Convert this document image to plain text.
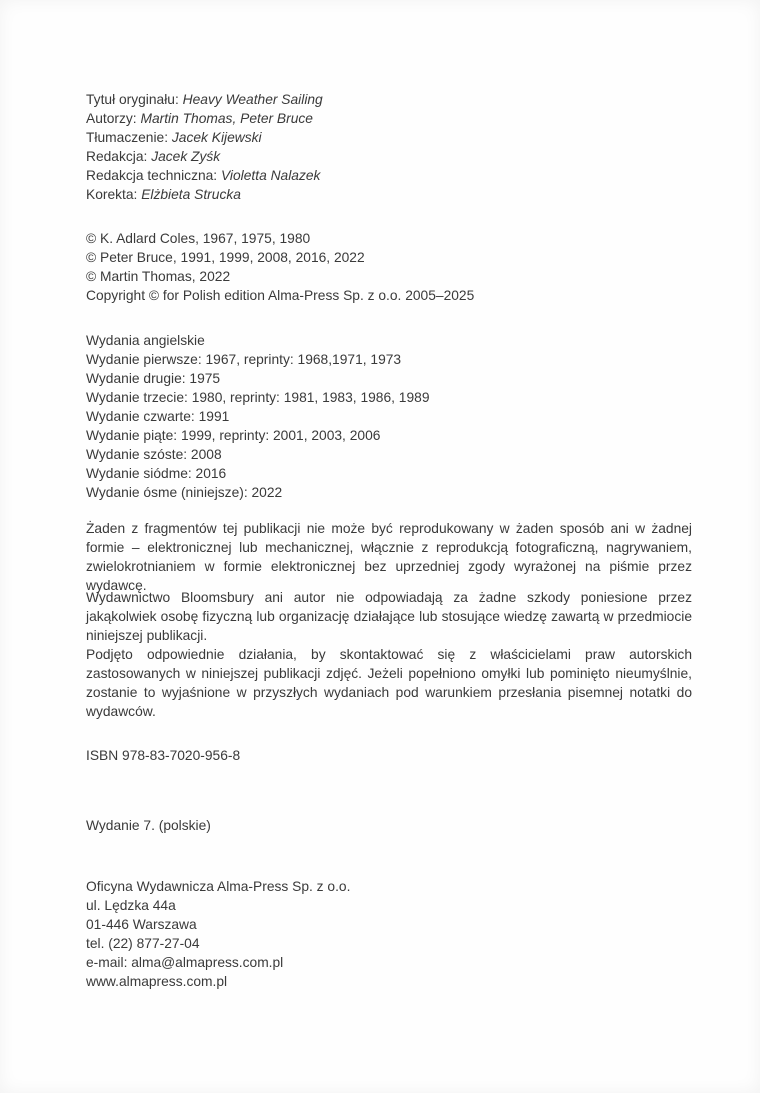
Tytuł oryginału: Heavy Weather Sailing
Autorzy: Martin Thomas, Peter Bruce
Tłumaczenie: Jacek Kijewski
Redakcja: Jacek Zyśk
Redakcja techniczna: Violetta Nalazek
Korekta: Elżbieta Strucka
© K. Adlard Coles, 1967, 1975, 1980
© Peter Bruce, 1991, 1999, 2008, 2016, 2022
© Martin Thomas, 2022
Copyright © for Polish edition Alma-Press Sp. z o.o. 2005–2025
Wydania angielskie
Wydanie pierwsze: 1967, reprinty: 1968,1971, 1973
Wydanie drugie: 1975
Wydanie trzecie: 1980, reprinty: 1981, 1983, 1986, 1989
Wydanie czwarte: 1991
Wydanie piąte: 1999, reprinty: 2001, 2003, 2006
Wydanie szóste: 2008
Wydanie siódme: 2016
Wydanie ósme (niniejsze): 2022
Żaden z fragmentów tej publikacji nie może być reprodukowany w żaden sposób ani w żadnej formie – elektronicznej lub mechanicznej, włącznie z reprodukcją fotograficzną, nagrywaniem, zwielokrotnianiem w formie elektronicznej bez uprzedniej zgody wyrażonej na piśmie przez wydawcę.
Wydawnictwo Bloomsbury ani autor nie odpowiadają za żadne szkody poniesione przez jakąkolwiek osobę fizyczną lub organizację działające lub stosujące wiedzę zawartą w przedmiocie niniejszej publikacji.
Podjęto odpowiednie działania, by skontaktować się z właścicielami praw autorskich zastosowanych w niniejszej publikacji zdjęć. Jeżeli popełniono omyłki lub pominięto nieumyślnie, zostanie to wyjaśnione w przyszłych wydaniach pod warunkiem przesłania pisemnej notatki do wydawców.
ISBN 978-83-7020-956-8
Wydanie 7. (polskie)
Oficyna Wydawnicza Alma-Press Sp. z o.o.
ul. Lędzka 44a
01-446 Warszawa
tel. (22) 877-27-04
e-mail: alma@almapress.com.pl
www.almapress.com.pl
